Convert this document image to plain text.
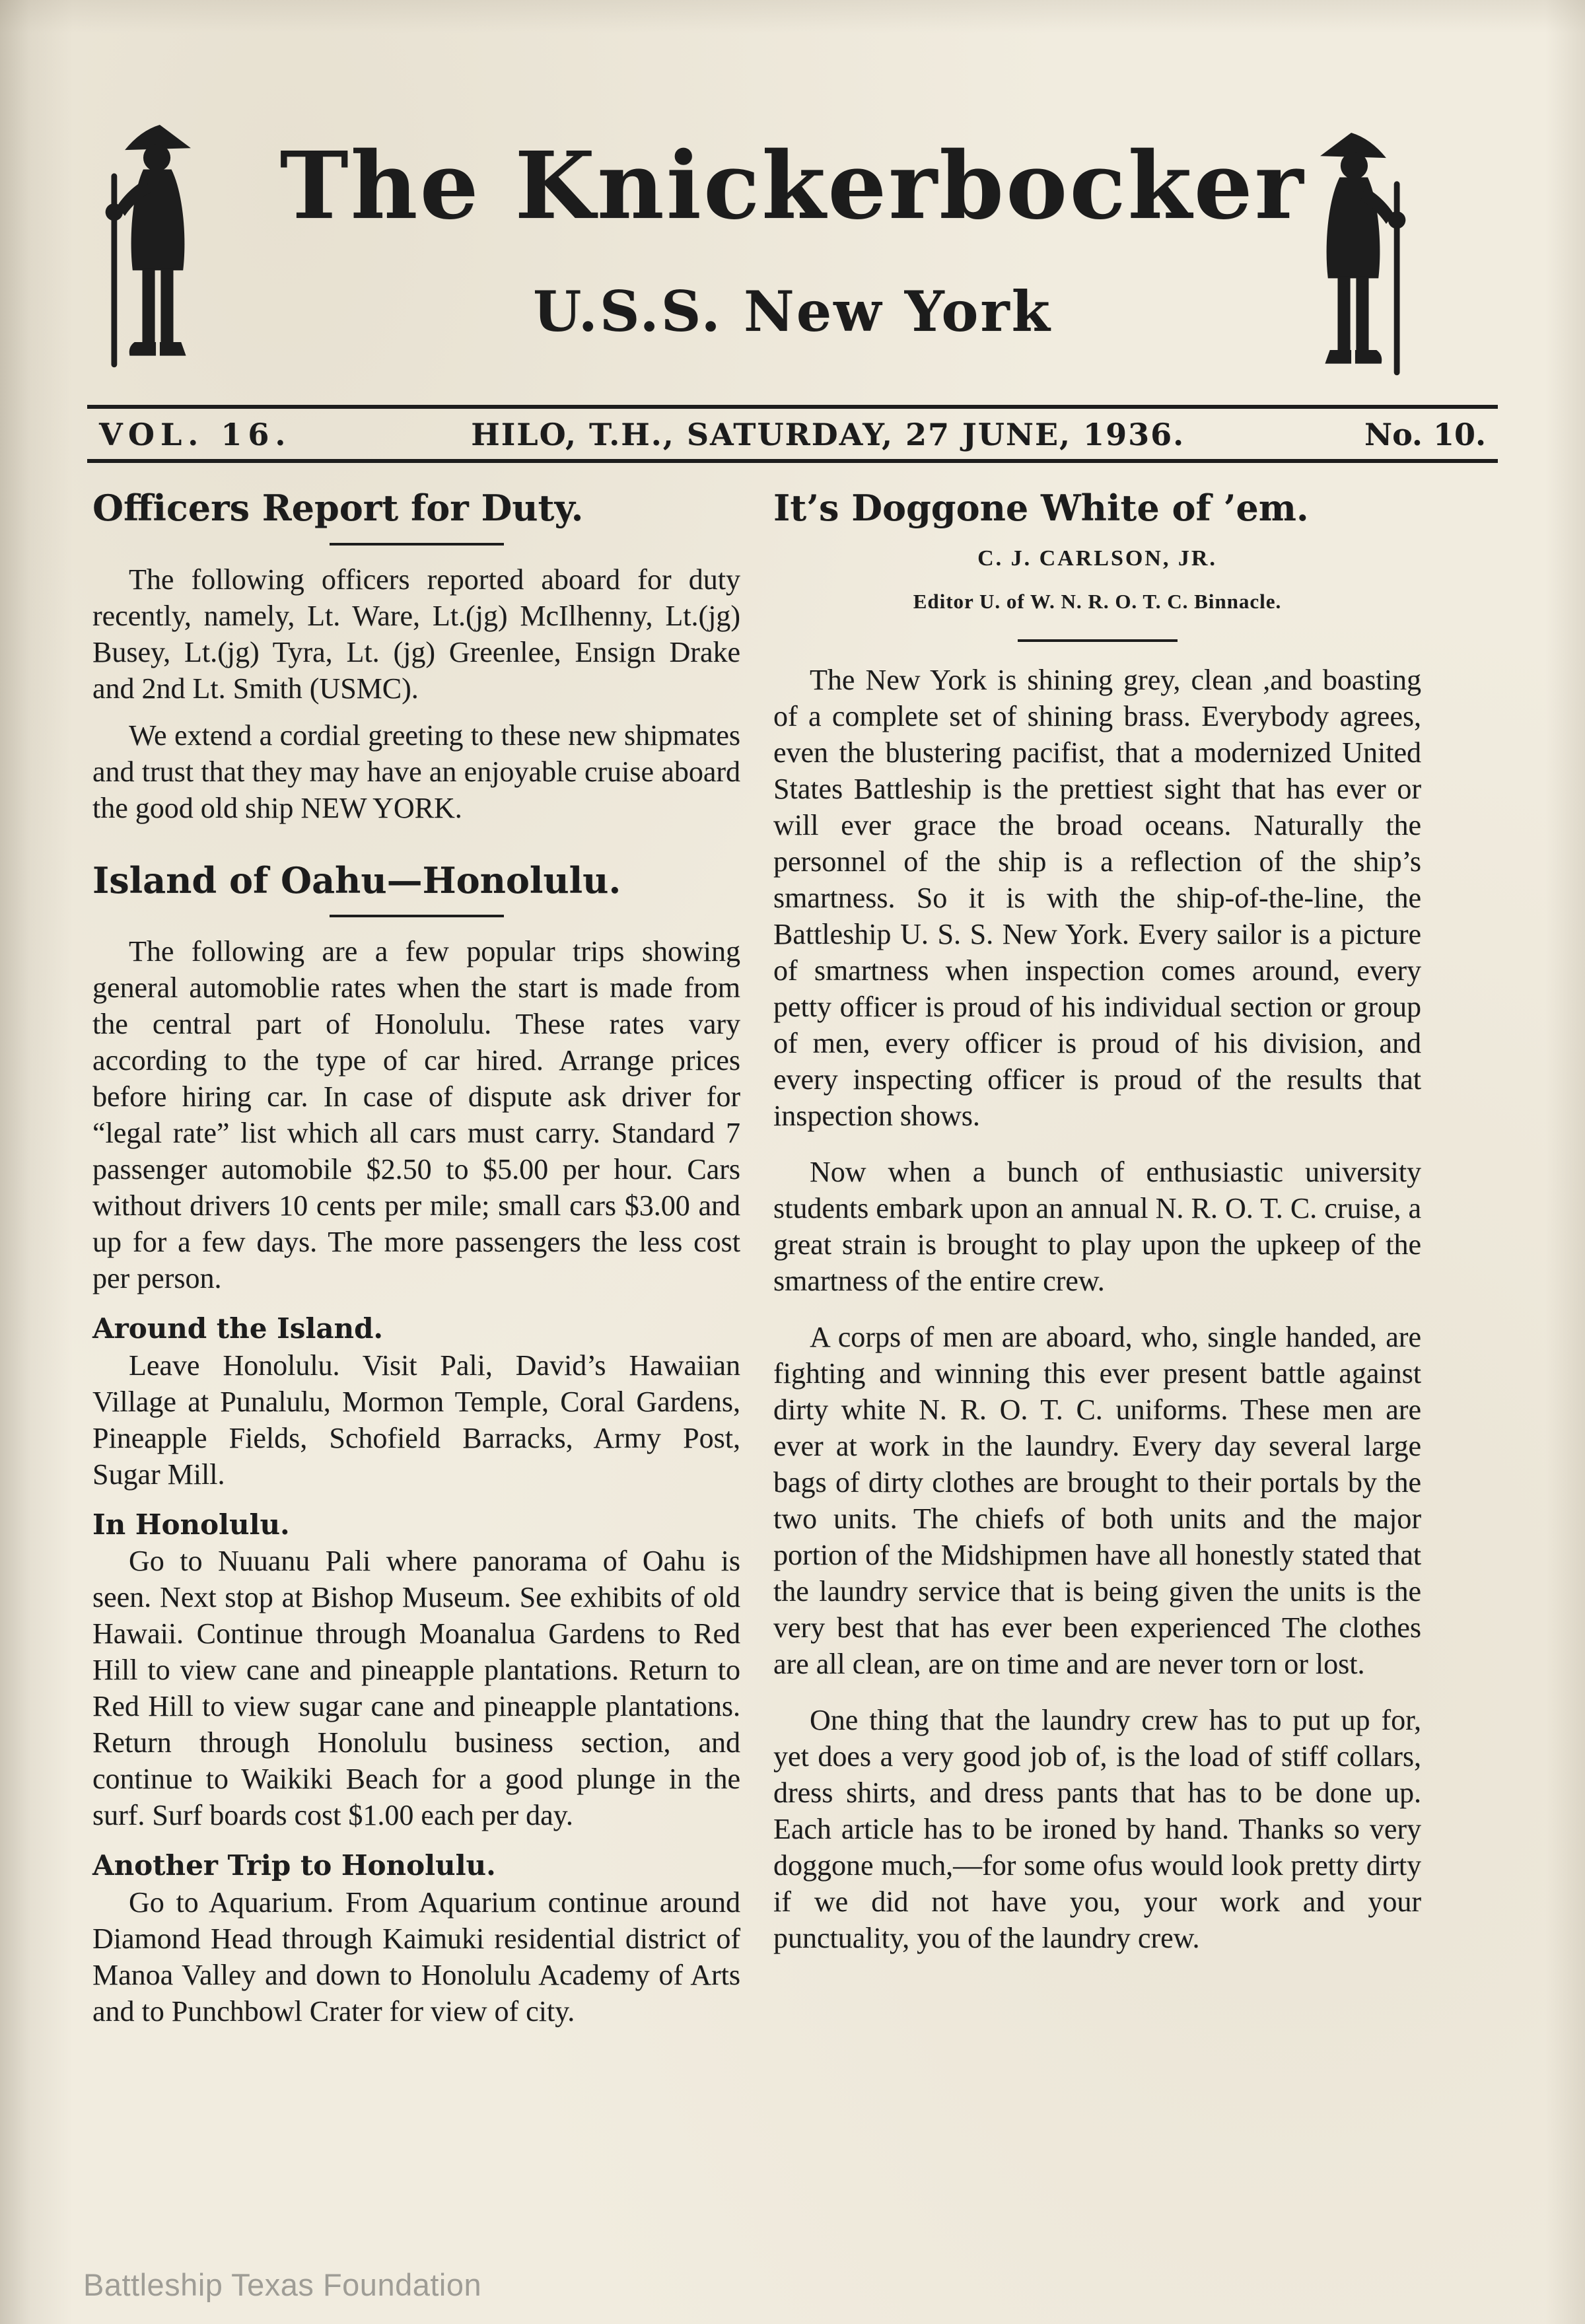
The Knickerbocker
U.S.S. New York
VOL. 16.	HILO, T.H., SATURDAY, 27 JUNE, 1936.	No. 10.
Officers Report for Duty.

The following officers reported aboard for duty recently, namely, Lt. Ware, Lt.(jg) McIlhenny, Lt.(jg) Busey, Lt.(jg) Tyra, Lt. (jg) Greenlee, Ensign Drake and 2nd Lt. Smith (USMC).

We extend a cordial greeting to these new shipmates and trust that they may have an enjoyable cruise aboard the good old ship NEW YORK.

Island of Oahu—Honolulu.

The following are a few popular trips showing general automoblie rates when the start is made from the central part of Honolulu. These rates vary according to the type of car hired. Arrange prices before hiring car. In case of dispute ask driver for “legal rate” list which all cars must carry. Standard 7 passenger automobile $2.50 to $5.00 per hour. Cars without drivers 10 cents per mile; small cars $3.00 and up for a few days. The more passengers the less cost per person.

Around the Island.

Leave Honolulu. Visit Pali, David’s Hawaiian Village at Punalulu, Mormon Temple, Coral Gardens, Pineapple Fields, Schofield Barracks, Army Post, Sugar Mill.

In Honolulu.

Go to Nuuanu Pali where panorama of Oahu is seen. Next stop at Bishop Museum. See exhibits of old Hawaii. Continue through Moanalua Gardens to Red Hill to view cane and pineapple plantations. Return to Red Hill to view sugar cane and pineapple plantations. Return through Honolulu business section, and continue to Waikiki Beach for a good plunge in the surf. Surf boards cost $1.00 each per day.

Another Trip to Honolulu.

Go to Aquarium. From Aquarium continue around Diamond Head through Kaimuki residential district of Manoa Valley and down to Honolulu Academy of Arts and to Punchbowl Crater for view of city.

It’s Doggone White of ’em.
C. J. CARLSON, JR.
Editor U. of W. N. R. O. T. C. Binnacle.

The New York is shining grey, clean ,and boasting of a complete set of shining brass. Everybody agrees, even the blustering pacifist, that a modernized United States Battleship is the prettiest sight that has ever or will ever grace the broad oceans. Naturally the personnel of the ship is a reflection of the ship’s smartness. So it is with the ship-of-the-line, the Battleship U. S. S. New York. Every sailor is a picture of smartness when inspection comes around, every petty officer is proud of his individual section or group of men, every officer is proud of his division, and every inspecting officer is proud of the results that inspection shows.

Now when a bunch of enthusiastic university students embark upon an annual N. R. O. T. C. cruise, a great strain is brought to play upon the upkeep of the smartness of the entire crew.

A corps of men are aboard, who, single handed, are fighting and winning this ever present battle against dirty white N. R. O. T. C. uniforms. These men are ever at work in the laundry. Every day several large bags of dirty clothes are brought to their portals by the two units. The chiefs of both units and the major portion of the Midshipmen have all honestly stated that the laundry service that is being given the units is the very best that has ever been experienced The clothes are all clean, are on time and are never torn or lost.

One thing that the laundry crew has to put up for, yet does a very good job of, is the load of stiff collars, dress shirts, and dress pants that has to be done up. Each article has to be ironed by hand. Thanks so very doggone much,—for some ofus would look pretty dirty if we did not have you, your work and your punctuality, you of the laundry crew.

Battleship Texas Foundation
